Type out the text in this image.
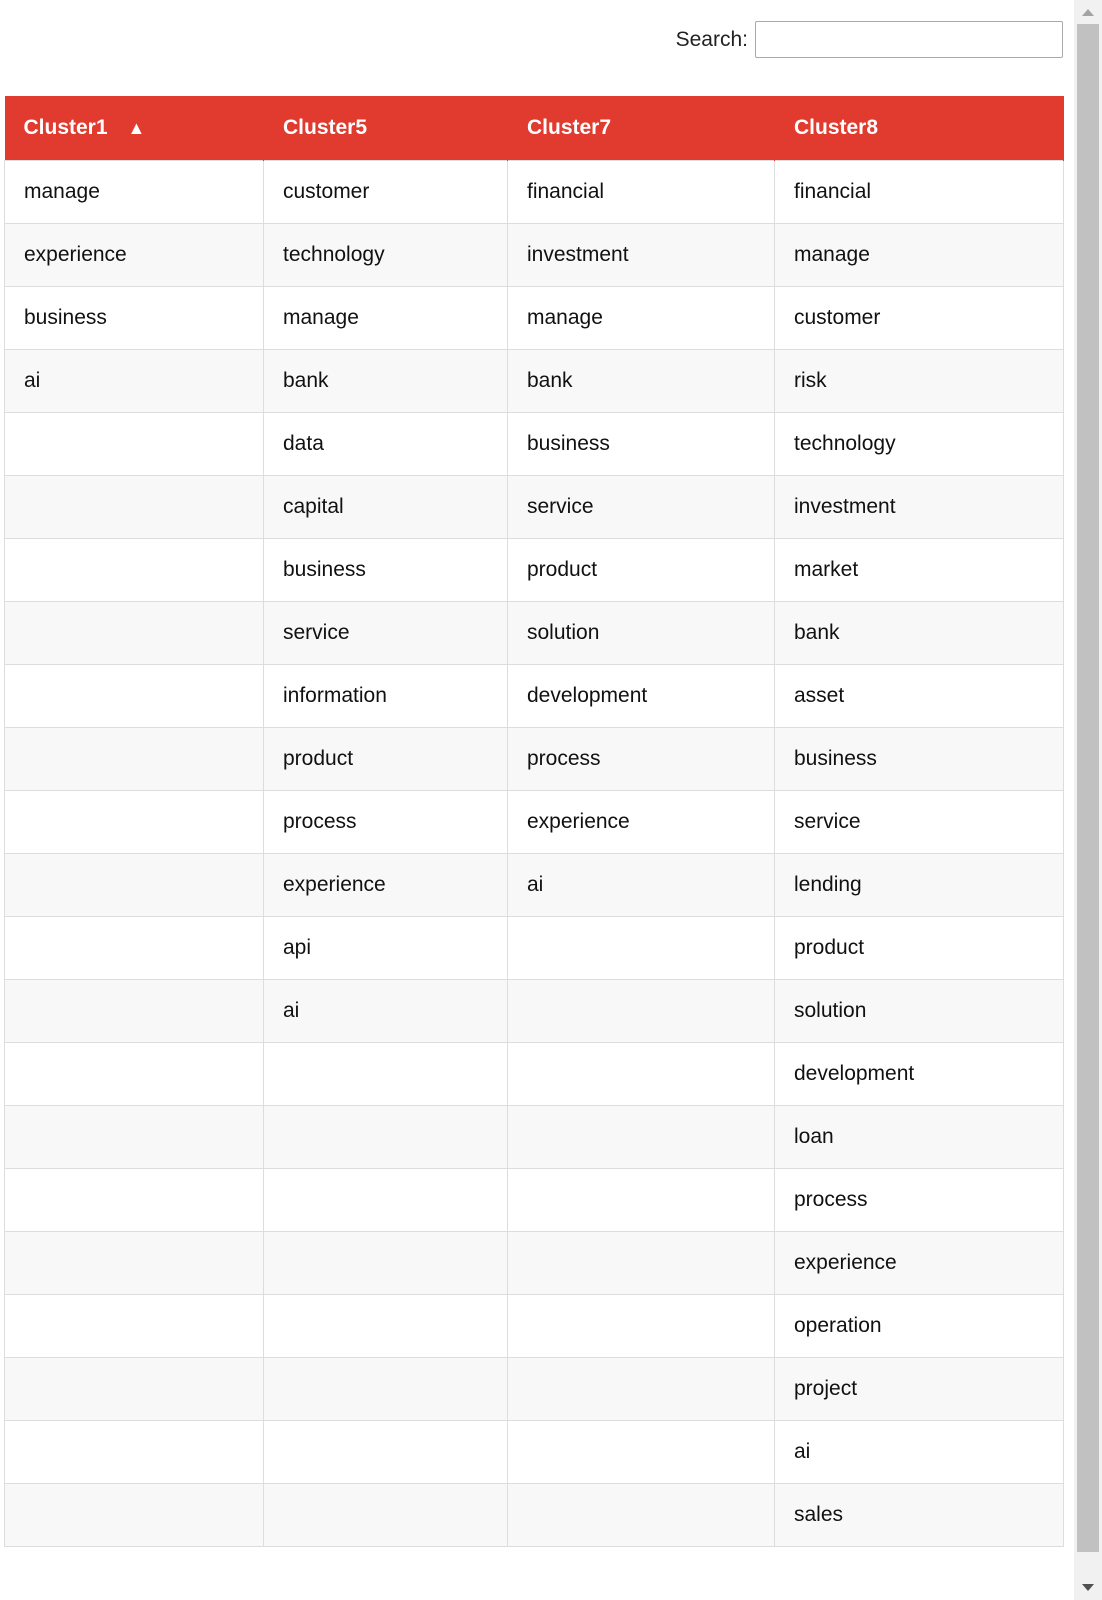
Search:
Cluster1 ▲	Cluster5	Cluster7	Cluster8
manage	customer	financial	financial
experience	technology	investment	manage
business	manage	manage	customer
ai	bank	bank	risk
	data	business	technology
	capital	service	investment
	business	product	market
	service	solution	bank
	information	development	asset
	product	process	business
	process	experience	service
	experience	ai	lending
	api		product
	ai		solution
			development
			loan
			process
			experience
			operation
			project
			ai
			sales
